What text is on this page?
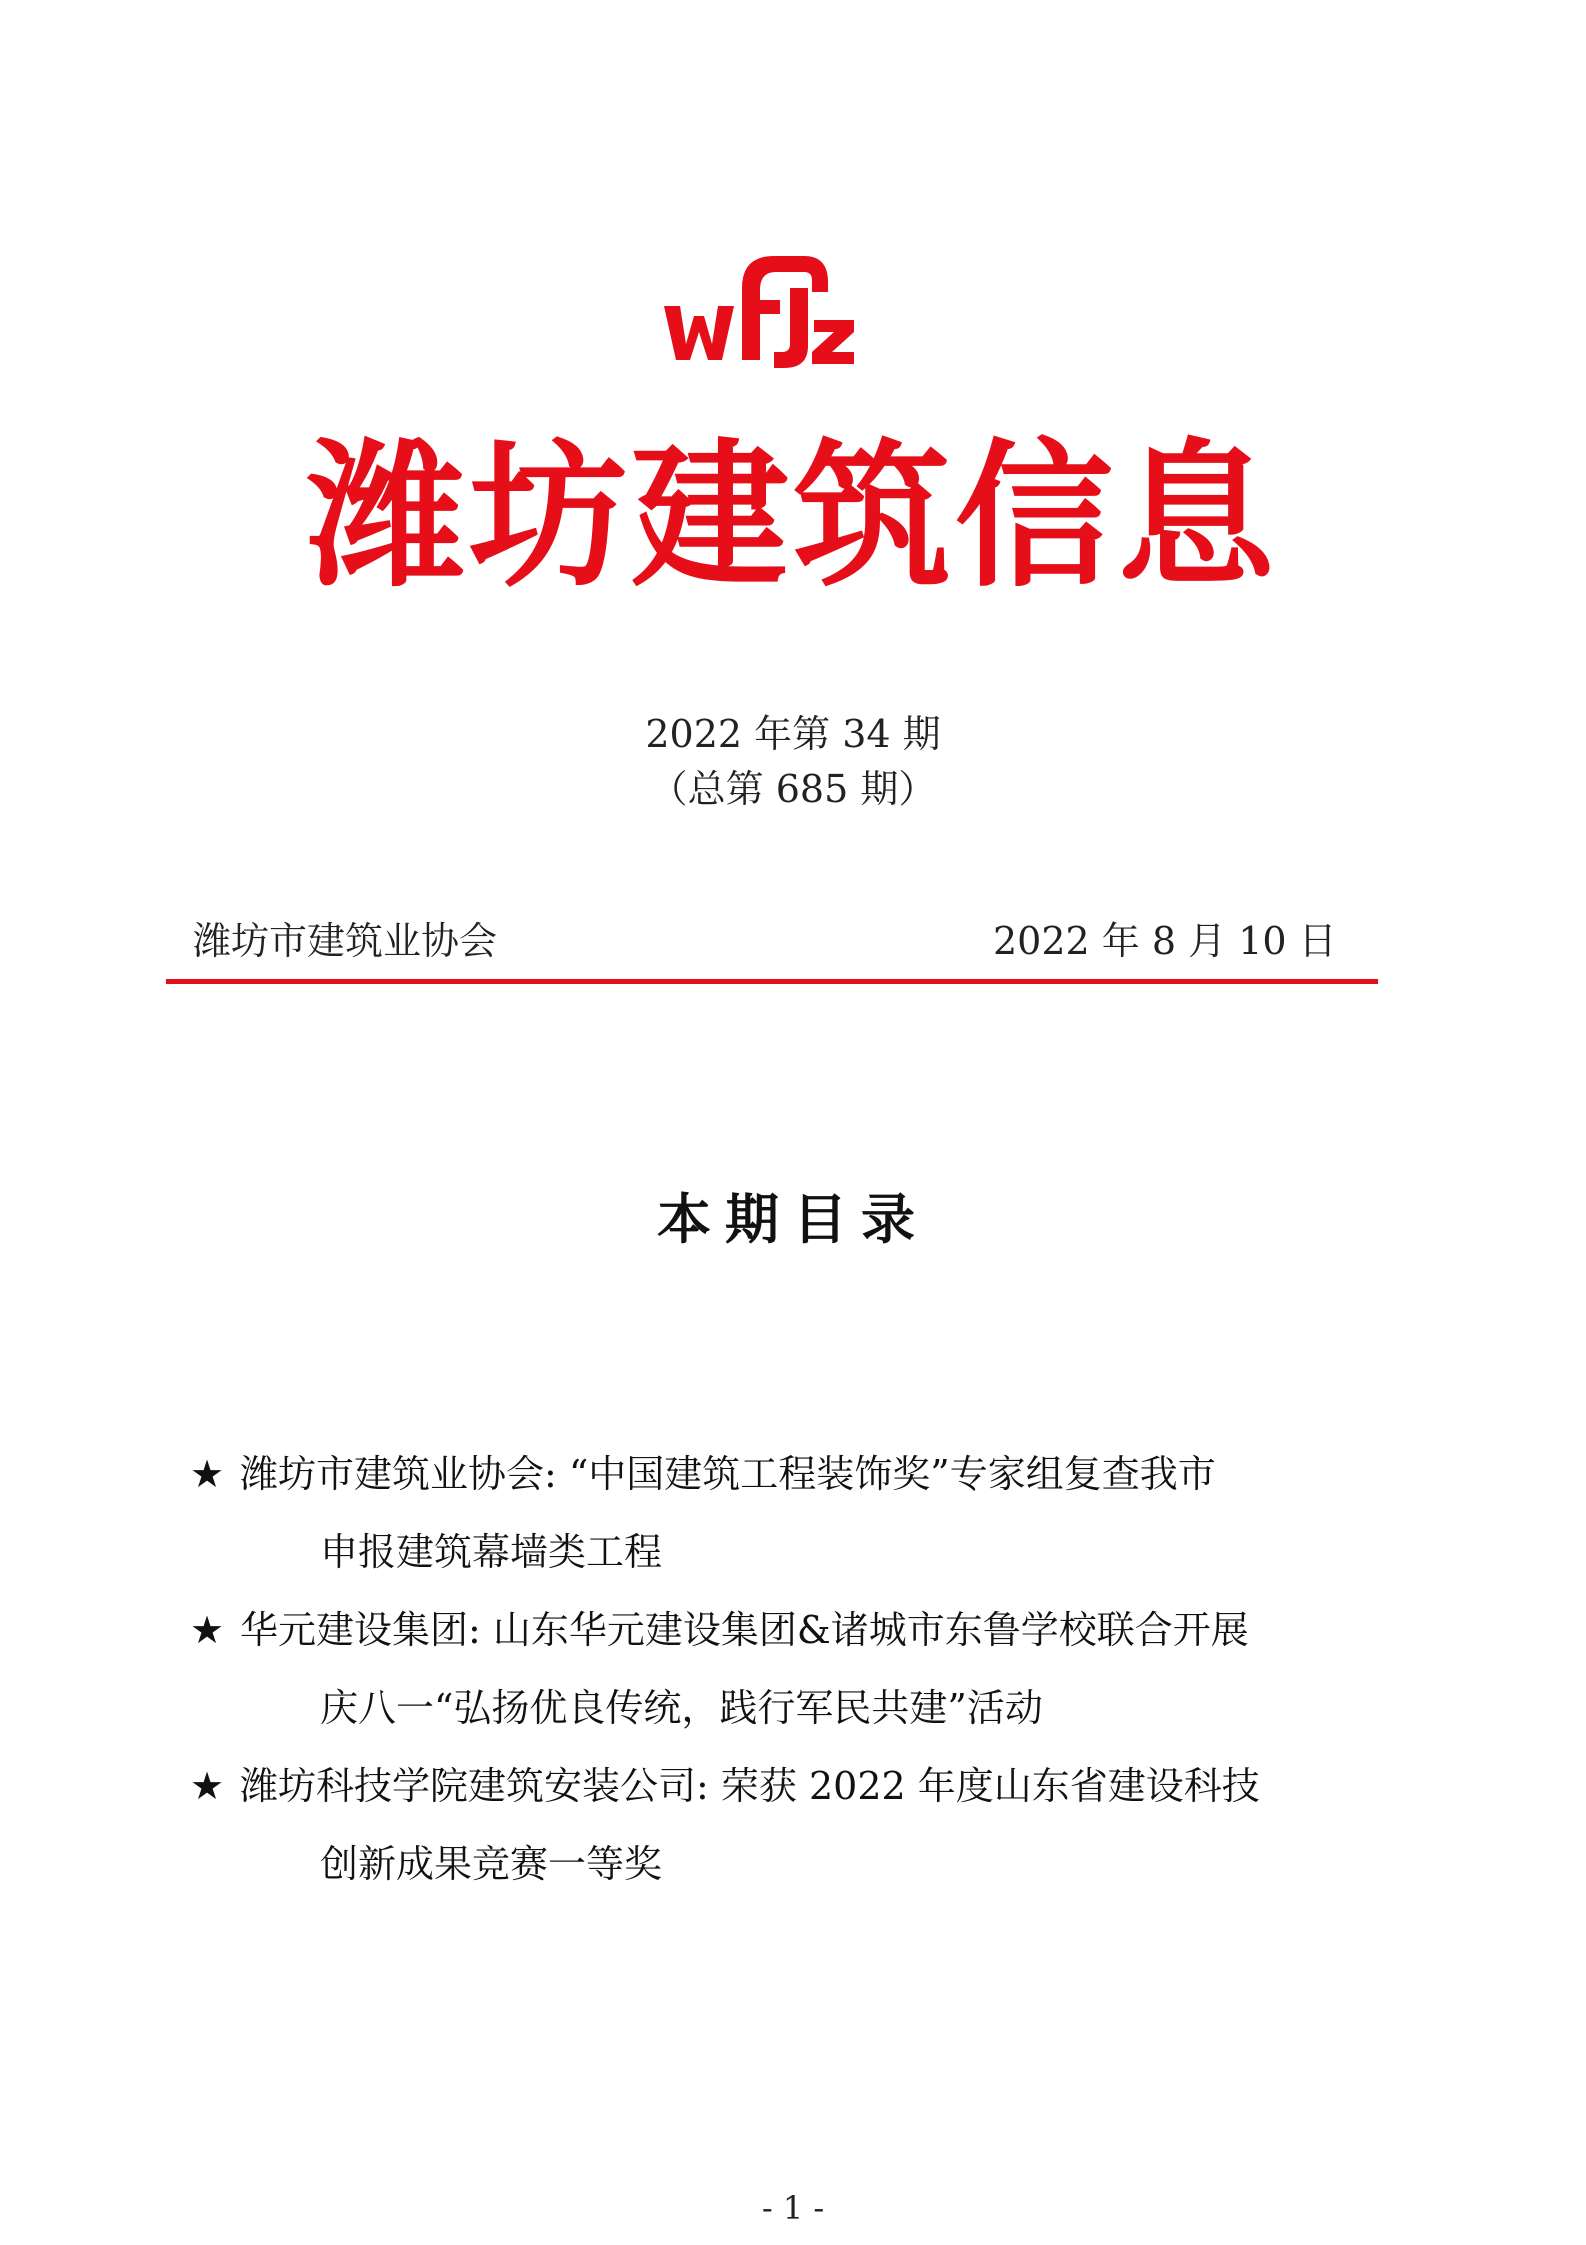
潍坊建筑信息
2022 年第 34 期
（总第 685 期）
潍坊市建筑业协会	2022 年 8 月 10 日
本期目录
★ 潍坊市建筑业协会: “中国建筑工程装饰奖”专家组复查我市
申报建筑幕墙类工程
★ 华元建设集团: 山东华元建设集团&诸城市东鲁学校联合开展
庆八一“弘扬优良传统，践行军民共建”活动
★ 潍坊科技学院建筑安装公司: 荣获 2022 年度山东省建设科技
创新成果竞赛一等奖
- 1 -
